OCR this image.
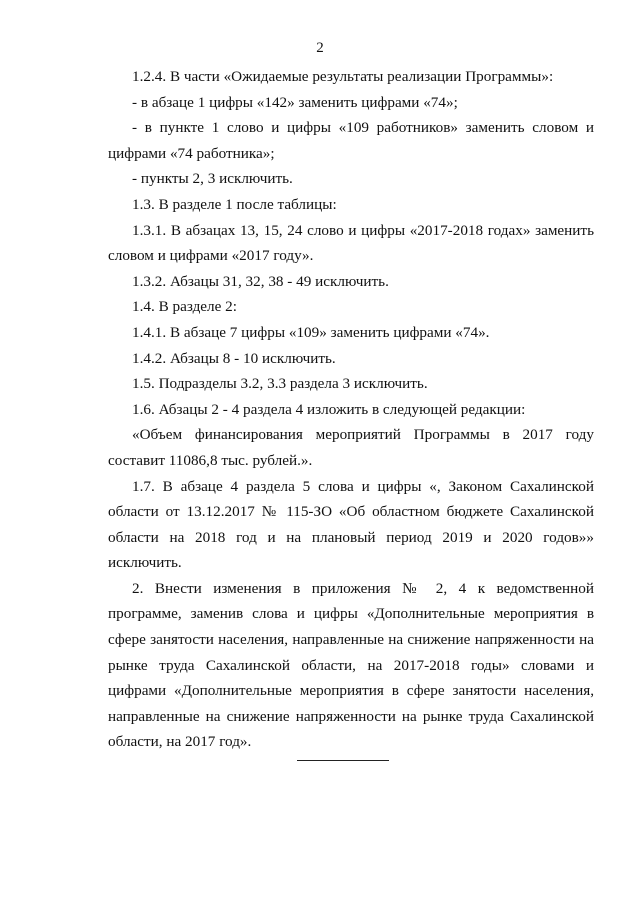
2

1.2.4. В части «Ожидаемые результаты реализации Программы»:

- в абзаце 1 цифры «142» заменить цифрами «74»;

- в пункте 1 слово и цифры «109 работников» заменить словом и цифрами «74 работника»;

- пункты 2, 3 исключить.

1.3. В разделе 1 после таблицы:

1.3.1. В абзацах 13, 15, 24 слово и цифры «2017-2018 годах» заменить словом и цифрами «2017 году».

1.3.2. Абзацы 31, 32, 38 - 49 исключить.

1.4. В разделе 2:

1.4.1. В абзаце 7 цифры «109» заменить цифрами «74».

1.4.2. Абзацы 8 - 10 исключить.

1.5. Подразделы 3.2, 3.3 раздела 3 исключить.

1.6. Абзацы 2 - 4 раздела 4 изложить в следующей редакции:

«Объем финансирования мероприятий Программы в 2017 году составит 11086,8 тыс. рублей.».

1.7. В абзаце 4 раздела 5 слова и цифры «, Законом Сахалинской области от 13.12.2017 № 115-ЗО «Об областном бюджете Сахалинской области на 2018 год и на плановый период 2019 и 2020 годов»» исключить.

2. Внести изменения в приложения № 2, 4 к ведомственной программе, заменив слова и цифры «Дополнительные мероприятия в сфере занятости населения, направленные на снижение напряженности на рынке труда Сахалинской области, на 2017-2018 годы» словами и цифрами «Дополнительные мероприятия в сфере занятости населения, направленные на снижение напряженности на рынке труда Сахалинской области, на 2017 год».
